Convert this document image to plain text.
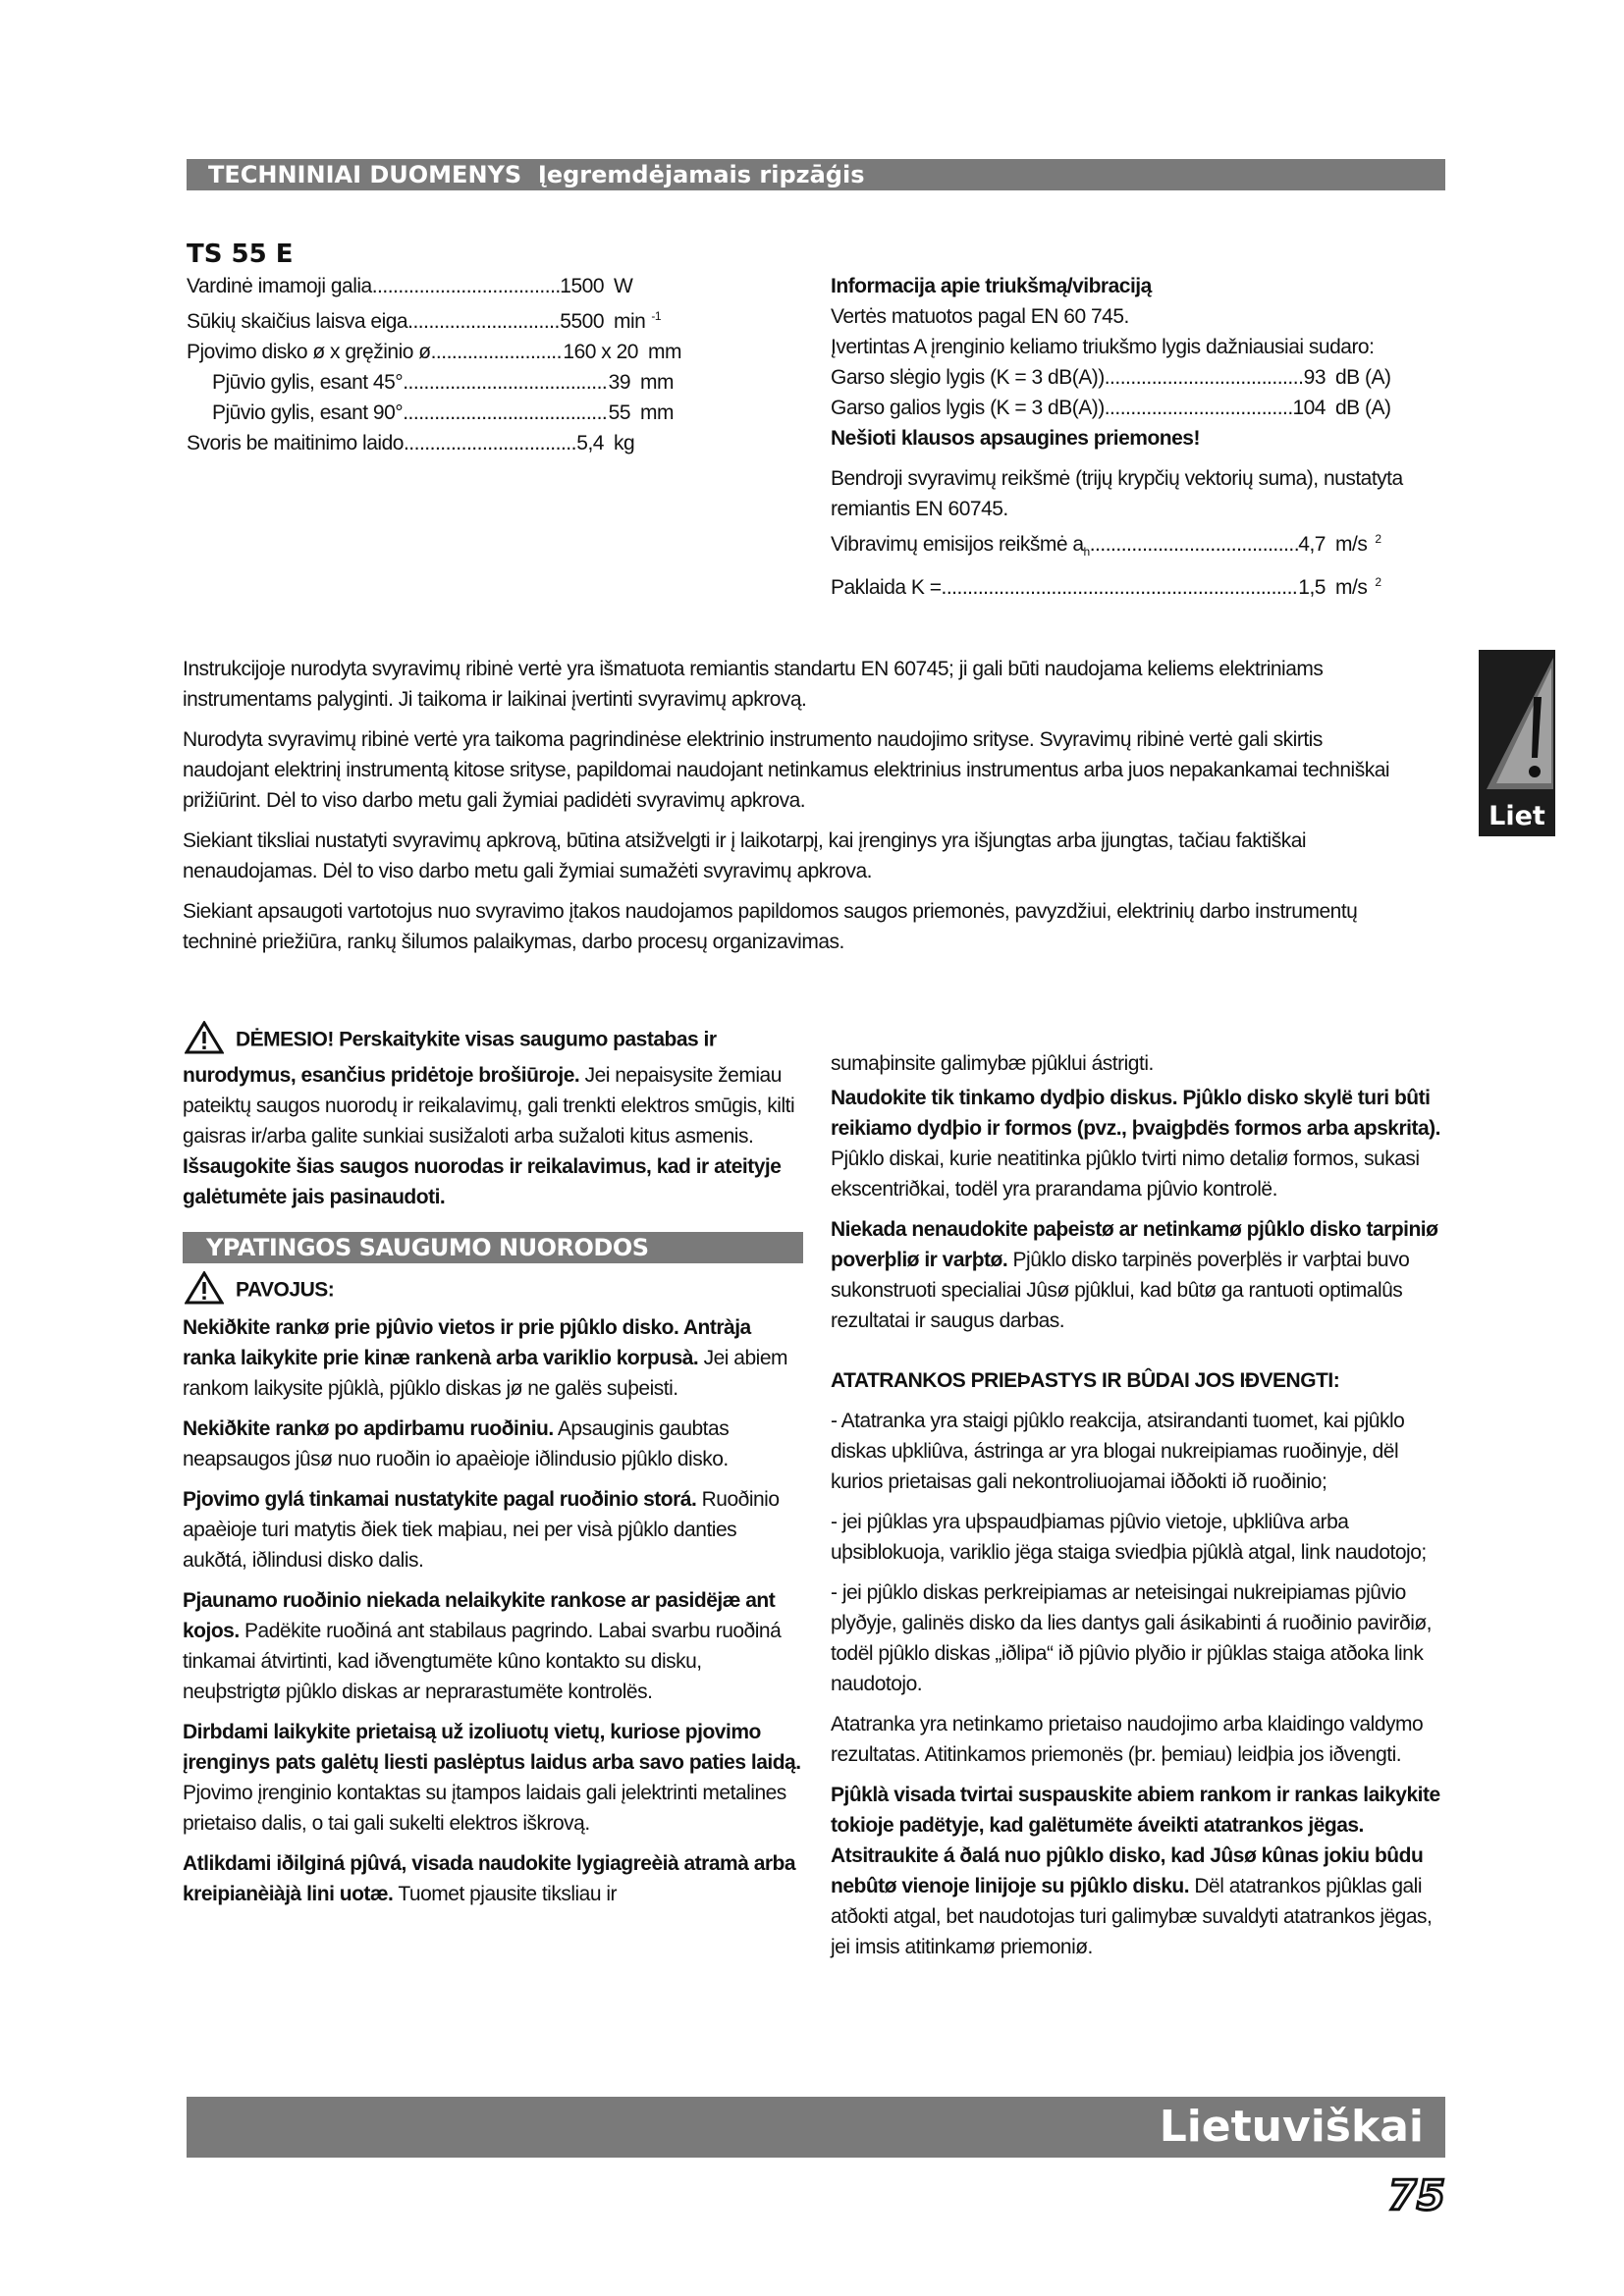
TECHNINIAI DUOMENYS Įegremdėjamais ripzāģis
TS 55 E
Vardinė imamoji galia .....	1500 W
Sūkių skaičius laisva eiga .....	5500 min $^{-1}$
Pjovimo disko ø x gręžinio ø. .....	160 x 20 mm
Pjūvio gylis, esant 45° .....	39 mm
Pjūvio gylis, esant 90° .....	55 mm
Svoris be maitinimo laido .....	5,4 kg
Informacija apie triukšmą/vibraciją
Vertės matuotos pagal EN 60 745.
Įvertintas A įrenginio keliamo triukšmo lygis dažniausiai sudaro:
Garso slėgio lygis (K = 3 dB(A)) .....	93 dB (A)
Garso galios lygis (K = 3 dB(A)) .....	104 dB (A)
Nešioti klausos apsaugines priemones!
Bendroji svyravimų reikšmė (trijų krypčių vektorių suma), nustatyta remiantis EN 60745.
Vibravimų emisijos reikšmė $a_h$ .....	4,7 m/s $^2$
Paklaida K = .....	1,5 m/s $^2$

Instrukcijoje nurodyta svyravimų ribinė vertė yra išmatuota remiantis standartu EN 60745; ji gali būti naudojama keliems elektriniams instrumentams palyginti. Ji taikoma ir laikinai įvertinti svyravimų apkrovą.

Nurodyta svyravimų ribinė vertė yra taikoma pagrindinėse elektrinio instrumento naudojimo srityse. Svyravimų ribinė vertė gali skirtis naudojant elektrinį instrumentą kitose srityse, papildomai naudojant netinkamus elektrinius instrumentus arba juos nepakankamai techniškai prižiūrint. Dėl to viso darbo metu gali žymiai padidėti svyravimų apkrova.

Siekiant tiksliai nustatyti svyravimų apkrovą, būtina atsižvelgti ir į laikotarpį, kai įrenginys yra išjungtas arba įjungtas, tačiau faktiškai nenaudojamas. Dėl to viso darbo metu gali žymiai sumažėti svyravimų apkrova.

Siekiant apsaugoti vartotojus nuo svyravimo įtakos naudojamos papildomos saugos priemonės, pavyzdžiui, elektrinių darbo instrumentų techninė priežiūra, rankų šilumos palaikymas, darbo procesų organizavimas.

Liet

DĖMESIO! Perskaitykite visas saugumo pastabas ir nurodymus, esančius pridėtoje brošiūroje. Jei nepaisysite žemiau pateiktų saugos nuorodų ir reikalavimų, gali trenkti elektros smūgis, kilti gaisras ir/arba galite sunkiai susižaloti arba sužaloti kitus asmenis.

Išsaugokite šias saugos nuorodas ir reikalavimus, kad ir ateityje galėtumėte jais pasinaudoti.

YPATINGOS SAUGUMO NUORODOS

PAVOJUS:

Nekiðkite rankø prie pjûvio vietos ir prie pjûklo disko. Antràja ranka laikykite prie kinæ rankenà arba variklio korpusà. Jei abiem rankom laikysite pjûklà, pjûklo diskas jø ne galës suþeisti.

Nekiðkite rankø po apdirbamu ruoðiniu. Apsauginis gaubtas neapsaugos jûsø nuo ruoðin io apaèioje iðlindusio pjûklo disko.

Pjovimo gylá tinkamai nustatykite pagal ruoðinio storá. Ruoðinio apaèioje turi matytis ðiek tiek maþiau, nei per visà pjûklo danties aukðtá, iðlindusi disko dalis.

Pjaunamo ruoðinio niekada nelaikykite rankose ar pasidëjæ ant kojos. Padëkite ruoðiná ant stabilaus pagrindo. Labai svarbu ruoðiná tinkamai átvirtinti, kad iðvengtumëte kûno kontakto su disku, neuþstrigtø pjûklo diskas ar neprarastumëte kontrolës.

Dirbdami laikykite prietaisą už izoliuotų vietų, kuriose pjovimo įrenginys pats galėtų liesti paslėptus laidus arba savo paties laidą. Pjovimo įrenginio kontaktas su įtampos laidais gali įelektrinti metalines prietaiso dalis, o tai gali sukelti elektros iškrovą.

Atlikdami iðilginá pjûvá, visada naudokite lygiagreèià atramà arba kreipianèiàjà lini uotæ. Tuomet pjausite tiksliau ir

sumaþinsite galimybæ pjûklui ástrigti.

Naudokite tik tinkamo dydþio diskus. Pjûklo disko skylë turi bûti reikiamo dydþio ir formos (pvz., þvaigþdës formos arba apskrita). Pjûklo diskai, kurie neatitinka pjûklo tvirti nimo detaliø formos, sukasi ekscentriðkai, todël yra prarandama pjûvio kontrolë.

Niekada nenaudokite paþeistø ar netinkamø pjûklo disko tarpiniø poverþliø ir varþtø. Pjûklo disko tarpinës poverþlës ir varþtai buvo sukonstruoti specialiai Jûsø pjûklui, kad bûtø ga rantuoti optimalûs rezultatai ir saugus darbas.

ATATRANKOS PRIEÞASTYS IR BÛDAI JOS IÐVENGTI:

- Atatranka yra staigi pjûklo reakcija, atsirandanti tuomet, kai pjûklo diskas uþkliûva, ástringa ar yra blogai nukreipiamas ruoðinyje, dël kurios prietaisas gali nekontroliuojamai iððokti ið ruoðinio;

- jei pjûklas yra uþspaudþiamas pjûvio vietoje, uþkliûva arba uþsiblokuoja, variklio jëga staiga sviedþia pjûklà atgal, link naudotojo;

- jei pjûklo diskas perkreipiamas ar neteisingai nukreipiamas pjûvio plyðyje, galinës disko da lies dantys gali ásikabinti á ruoðinio pavirðiø, todël pjûklo diskas „iðlipa“ ið pjûvio plyðio ir pjûklas staiga atðoka link naudotojo.

Atatranka yra netinkamo prietaiso naudojimo arba klaidingo valdymo rezultatas. Atitinkamos priemonës (þr. þemiau) leidþia jos iðvengti.

Pjûklà visada tvirtai suspauskite abiem rankom ir rankas laikykite tokioje padëtyje, kad galëtumëte áveikti atatrankos jëgas. Atsitraukite á ðalá nuo pjûklo disko, kad Jûsø kûnas jokiu bûdu nebûtø vienoje linijoje su pjûklo disku. Dël atatrankos pjûklas gali atðokti atgal, bet naudotojas turi galimybæ suvaldyti atatrankos jëgas, jei imsis atitinkamø priemoniø.

Lietuviškai
75
